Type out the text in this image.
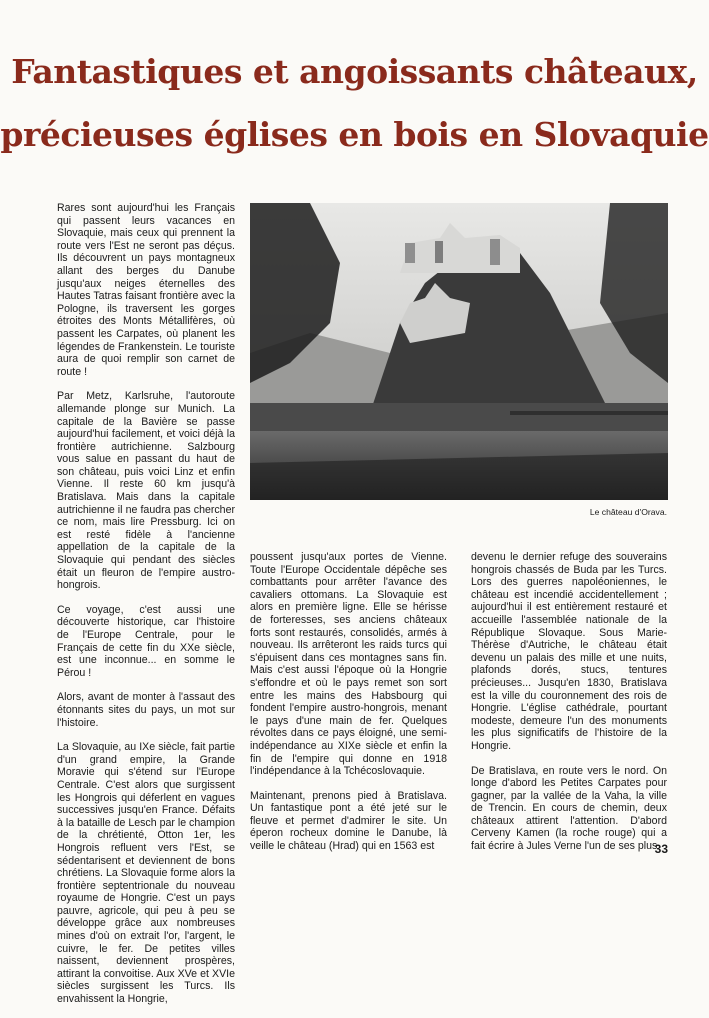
Fantastiques et angoissants châteaux,
précieuses églises en bois en Slovaquie

Rares sont aujourd'hui les Français qui passent leurs vacances en Slovaquie, mais ceux qui prennent la route vers l'Est ne seront pas déçus. Ils découvrent un pays montagneux allant des berges du Danube jusqu'aux neiges éternelles des Hautes Tatras faisant frontière avec la Pologne, ils traversent les gorges étroites des Monts Métallifères, où passent les Carpates, où planent les légendes de Frankenstein. Le touriste aura de quoi remplir son carnet de route !

Par Metz, Karlsruhe, l'autoroute allemande plonge sur Munich. La capitale de la Bavière se passe aujourd'hui facilement, et voici déjà la frontière autrichienne. Salzbourg vous salue en passant du haut de son château, puis voici Linz et enfin Vienne. Il reste 60 km jusqu'à Bratislava. Mais dans la capitale autrichienne il ne faudra pas chercher ce nom, mais lire Pressburg. Ici on est resté fidèle à l'ancienne appellation de la capitale de la Slovaquie qui pendant des siècles était un fleuron de l'empire austro-hongrois.

Ce voyage, c'est aussi une découverte historique, car l'histoire de l'Europe Centrale, pour le Français de cette fin du XXe siècle, est une inconnue... en somme le Pérou !

Alors, avant de monter à l'assaut des étonnants sites du pays, un mot sur l'histoire.

La Slovaquie, au IXe siècle, fait partie d'un grand empire, la Grande Moravie qui s'étend sur l'Europe Centrale. C'est alors que surgissent les Hongrois qui déferlent en vagues successives jusqu'en France. Défaits à la bataille de Lesch par le champion de la chrétienté, Otton 1er, les Hongrois refluent vers l'Est, se sédentarisent et deviennent de bons chrétiens. La Slovaquie forme alors la frontière septentrionale du nouveau royaume de Hongrie. C'est un pays pauvre, agricole, qui peu à peu se développe grâce aux nombreuses mines d'où on extrait l'or, l'argent, le cuivre, le fer. De petites villes naissent, deviennent prospères, attirant la convoitise. Aux XVe et XVIe siècles surgissent les Turcs. Ils envahissent la Hongrie,

Le château d'Orava.

poussent jusqu'aux portes de Vienne. Toute l'Europe Occidentale dépêche ses combattants pour arrêter l'avance des cavaliers ottomans. La Slovaquie est alors en première ligne. Elle se hérisse de forteresses, ses anciens châteaux forts sont restaurés, consolidés, armés à nouveau. Ils arrêteront les raids turcs qui s'épuisent dans ces montagnes sans fin. Mais c'est aussi l'époque où la Hongrie s'effondre et où le pays remet son sort entre les mains des Habsbourg qui fondent l'empire austro-hongrois, menant le pays d'une main de fer. Quelques révoltes dans ce pays éloigné, une semi-indépendance au XIXe siècle et enfin la fin de l'empire qui donne en 1918 l'indépendance à la Tchécoslovaquie.

Maintenant, prenons pied à Bratislava. Un fantastique pont a été jeté sur le fleuve et permet d'admirer le site. Un éperon rocheux domine le Danube, là veille le château (Hrad) qui en 1563 est

devenu le dernier refuge des souverains hongrois chassés de Buda par les Turcs. Lors des guerres napoléoniennes, le château est incendié accidentellement ; aujourd'hui il est entièrement restauré et accueille l'assemblée nationale de la République Slovaque. Sous Marie-Thérèse d'Autriche, le château était devenu un palais des mille et une nuits, plafonds dorés, stucs, tentures précieuses... Jusqu'en 1830, Bratislava est la ville du couronnement des rois de Hongrie. L'église cathédrale, pourtant modeste, demeure l'un des monuments les plus significatifs de l'histoire de la Hongrie.

De Bratislava, en route vers le nord. On longe d'abord les Petites Carpates pour gagner, par la vallée de la Vaha, la ville de Trencin. En cours de chemin, deux châteaux attirent l'attention. D'abord Cerveny Kamen (la roche rouge) qui a fait écrire à Jules Verne l'un de ses plus

33
